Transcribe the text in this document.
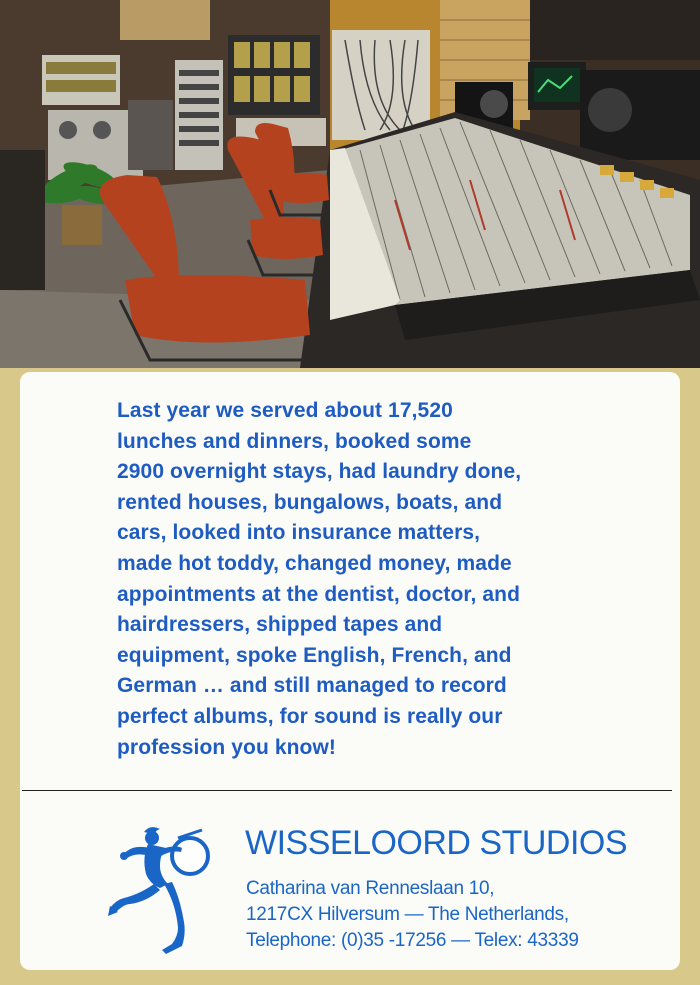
Last year we served about 17,520
lunches and dinners, booked some
2900 overnight stays, had laundry done,
rented houses, bungalows, boats, and
cars, looked into insurance matters,
made hot toddy, changed money, made
appointments at the dentist, doctor, and
hairdressers, shipped tapes and
equipment, spoke English, French, and
German … and still managed to record
perfect albums, for sound is really our
profession you know!

WISSELOORD STUDIOS

Catharina van Renneslaan 10,

1217CX Hilversum — The Netherlands,

Telephone: (0)35 -17256 — Telex: 43339
